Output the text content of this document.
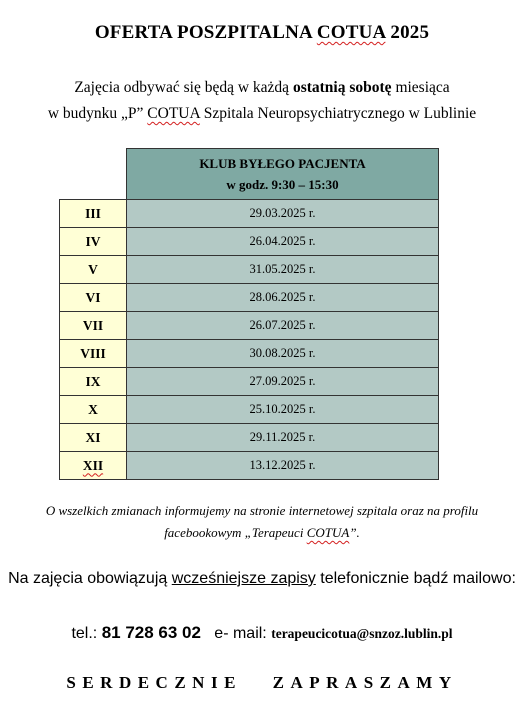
OFERTA POSZPITALNA COTUA 2025
Zajęcia odbywać się będą w każdą ostatnią sobotę miesiąca
w budynku „P” COTUA Szpitala Neuropsychiatrycznego w Lublinie

	KLUB BYŁEGO PACJENTA
w godz. 9:30 – 15:30

III	29.03.2025 r.
IV	26.04.2025 r.
V	31.05.2025 r.
VI	28.06.2025 r.
VII	26.07.2025 r.
VIII	30.08.2025 r.
IX	27.09.2025 r.
X	25.10.2025 r.
XI	29.11.2025 r.
XII	13.12.2025 r.
O wszelkich zmianach informujemy na stronie internetowej szpitala oraz na profilu
facebookowym „Terapeuci COTUA”.
Na zajęcia obowiązują wcześniejsze zapisy telefonicznie bądź mailowo:
tel.: 81 728 63 02 e- mail: terapeucicotua@snzoz.lublin.pl
SERDECZNIE ZAPRASZAMY
